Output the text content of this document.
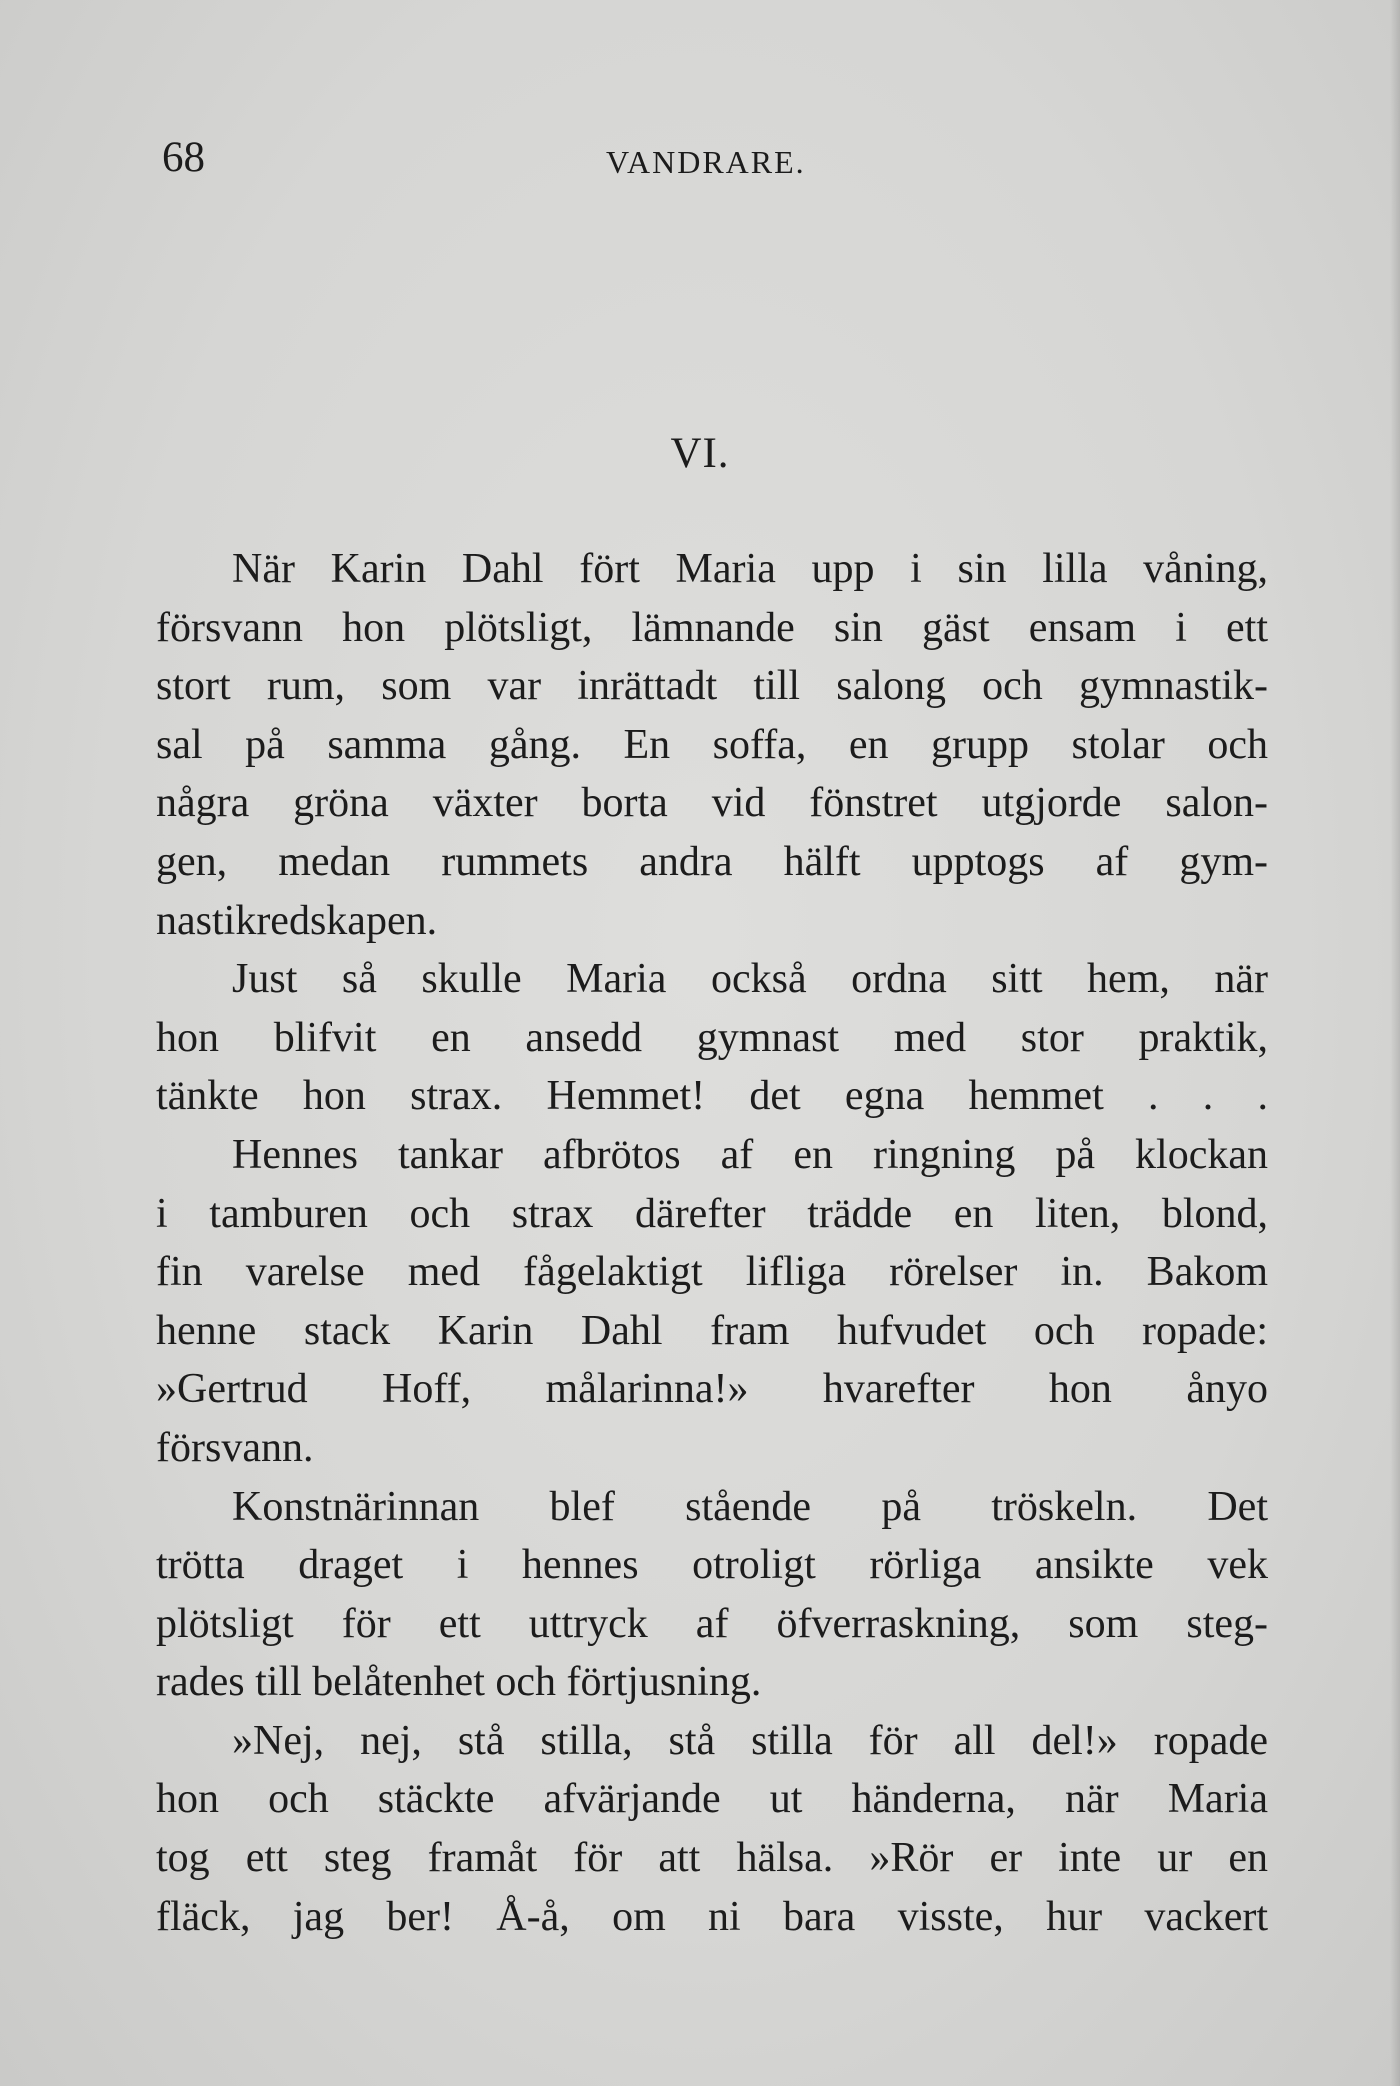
68	VANDRARE.
VI.
När Karin Dahl fört Maria upp i sin lilla våning,
försvann hon plötsligt, lämnande sin gäst ensam i ett
stort rum, som var inrättadt till salong och gymnastik-
sal på samma gång. En soffa, en grupp stolar och
några gröna växter borta vid fönstret utgjorde salon-
gen, medan rummets andra hälft upptogs af gym-
nastikredskapen.
Just så skulle Maria också ordna sitt hem, när
hon blifvit en ansedd gymnast med stor praktik,
tänkte hon strax. Hemmet! det egna hemmet . . .
Hennes tankar afbrötos af en ringning på klockan
i tamburen och strax därefter trädde en liten, blond,
fin varelse med fågelaktigt lifliga rörelser in. Bakom
henne stack Karin Dahl fram hufvudet och ropade:
»Gertrud Hoff, målarinna!» hvarefter hon ånyo
försvann.
Konstnärinnan blef stående på tröskeln. Det
trötta draget i hennes otroligt rörliga ansikte vek
plötsligt för ett uttryck af öfverraskning, som steg-
rades till belåtenhet och förtjusning.
»Nej, nej, stå stilla, stå stilla för all del!» ropade
hon och stäckte afvärjande ut händerna, när Maria
tog ett steg framåt för att hälsa. »Rör er inte ur en
fläck, jag ber! Å-å, om ni bara visste, hur vackert
